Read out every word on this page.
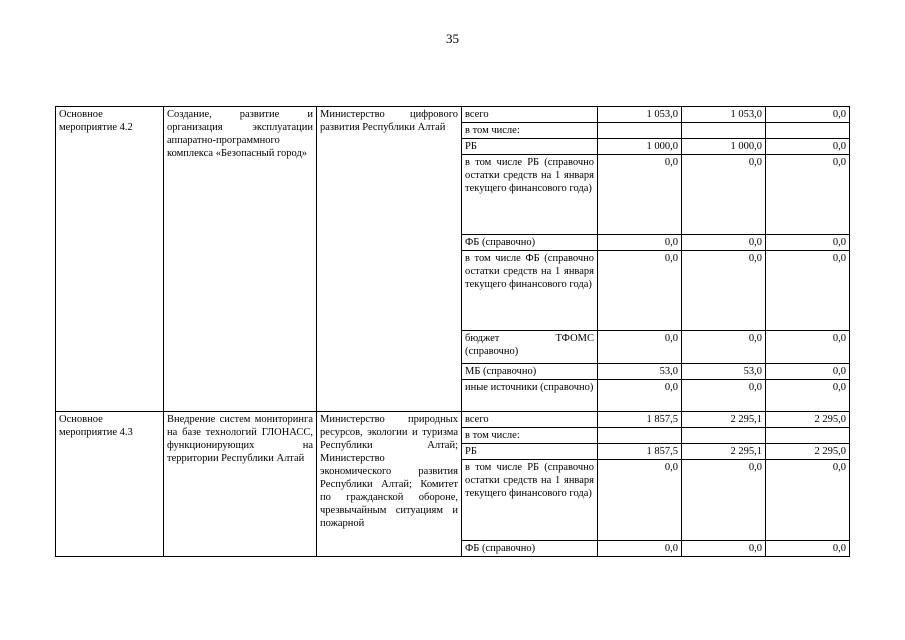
35
Основное мероприятие 4.2	Создание, развитие и организация эксплуатации аппаратно-программного комплекса «Безопасный город»	Министерство цифрового развития Республики Алтай	всего	1 053,0	1 053,0	0,0
			в том числе:			
			РБ	1 000,0	1 000,0	0,0
			в том числе РБ (справочно остатки средств на 1 января текущего финансового года)	0,0	0,0	0,0
			ФБ (справочно)	0,0	0,0	0,0
			в том числе ФБ (справочно остатки средств на 1 января текущего финансового года)	0,0	0,0	0,0
			бюджет ТФОМС (справочно)	0,0	0,0	0,0
			МБ (справочно)	53,0	53,0	0,0
			иные источники (справочно)	0,0	0,0	0,0
Основное мероприятие 4.3	Внедрение систем мониторинга на базе технологий ГЛОНАСС, функционирующих на территории Республики Алтай	Министерство природных ресурсов, экологии и туризма Республики Алтай; Министерство экономического развития Республики Алтай; Комитет по гражданской обороне, чрезвычайным ситуациям и пожарной	всего	1 857,5	2 295,1	2 295,0
			в том числе:			
			РБ	1 857,5	2 295,1	2 295,0
			в том числе РБ (справочно остатки средств на 1 января текущего финансового года)	0,0	0,0	0,0
			ФБ (справочно)	0,0	0,0	0,0
